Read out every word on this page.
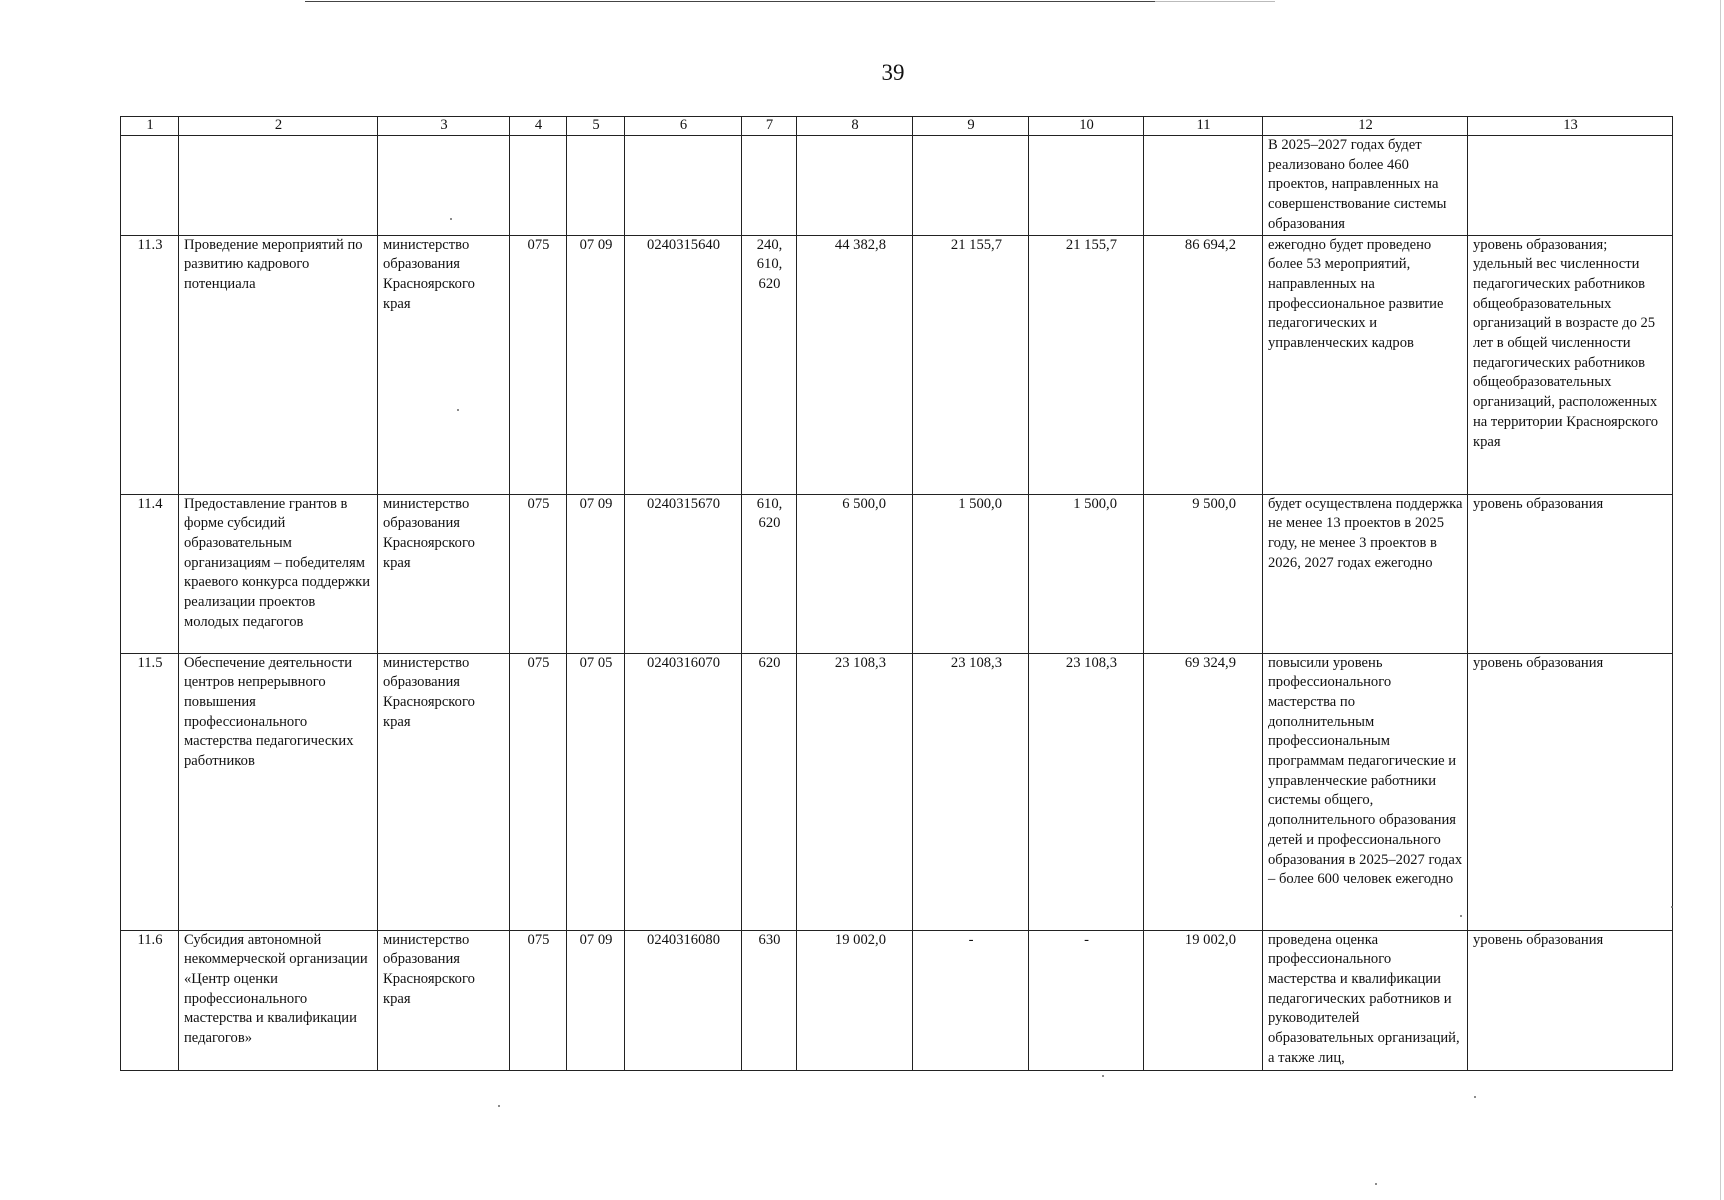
39
1	2	3	4	5	6	7	8	9	10	11	12	13
											В 2025–2027 годах будет реализовано более 460 проектов, направленных на совершенствование системы образования	
11.3	Проведение мероприятий по развитию кадрового потенциала	министерство образования Красноярского края	075	07 09	0240315640	240, 610, 620	44 382,8	21 155,7	21 155,7	86 694,2	ежегодно будет проведено более 53 мероприятий, направленных на профессиональное развитие педагогических и управленческих кадров	уровень образования; удельный вес численности педагогических работников общеобразовательных организаций в возрасте до 25 лет в общей численности педагогических работников общеобразовательных организаций, расположенных на территории Красноярского края
11.4	Предоставление грантов в форме субсидий образовательным организациям – победителям краевого конкурса поддержки реализации проектов молодых педагогов	министерство образования Красноярского края	075	07 09	0240315670	610, 620	6 500,0	1 500,0	1 500,0	9 500,0	будет осуществлена поддержка не менее 13 проектов в 2025 году, не менее 3 проектов в 2026, 2027 годах ежегодно	уровень образования
11.5	Обеспечение деятельности центров непрерывного повышения профессионального мастерства педагогических работников	министерство образования Красноярского края	075	07 05	0240316070	620	23 108,3	23 108,3	23 108,3	69 324,9	повысили уровень профессионального мастерства по дополнительным профессиональным программам педагогические и управленческие работники системы общего, дополнительного образования детей и профессионального образования в 2025–2027 годах – более 600 человек ежегодно	уровень образования
11.6	Субсидия автономной некоммерческой организации «Центр оценки профессионального мастерства и квалификации педагогов»	министерство образования Красноярского края	075	07 09	0240316080	630	19 002,0	-	-	19 002,0	проведена оценка профессионального мастерства и квалификации педагогических работников и руководителей образовательных организаций, а также лиц,	уровень образования
